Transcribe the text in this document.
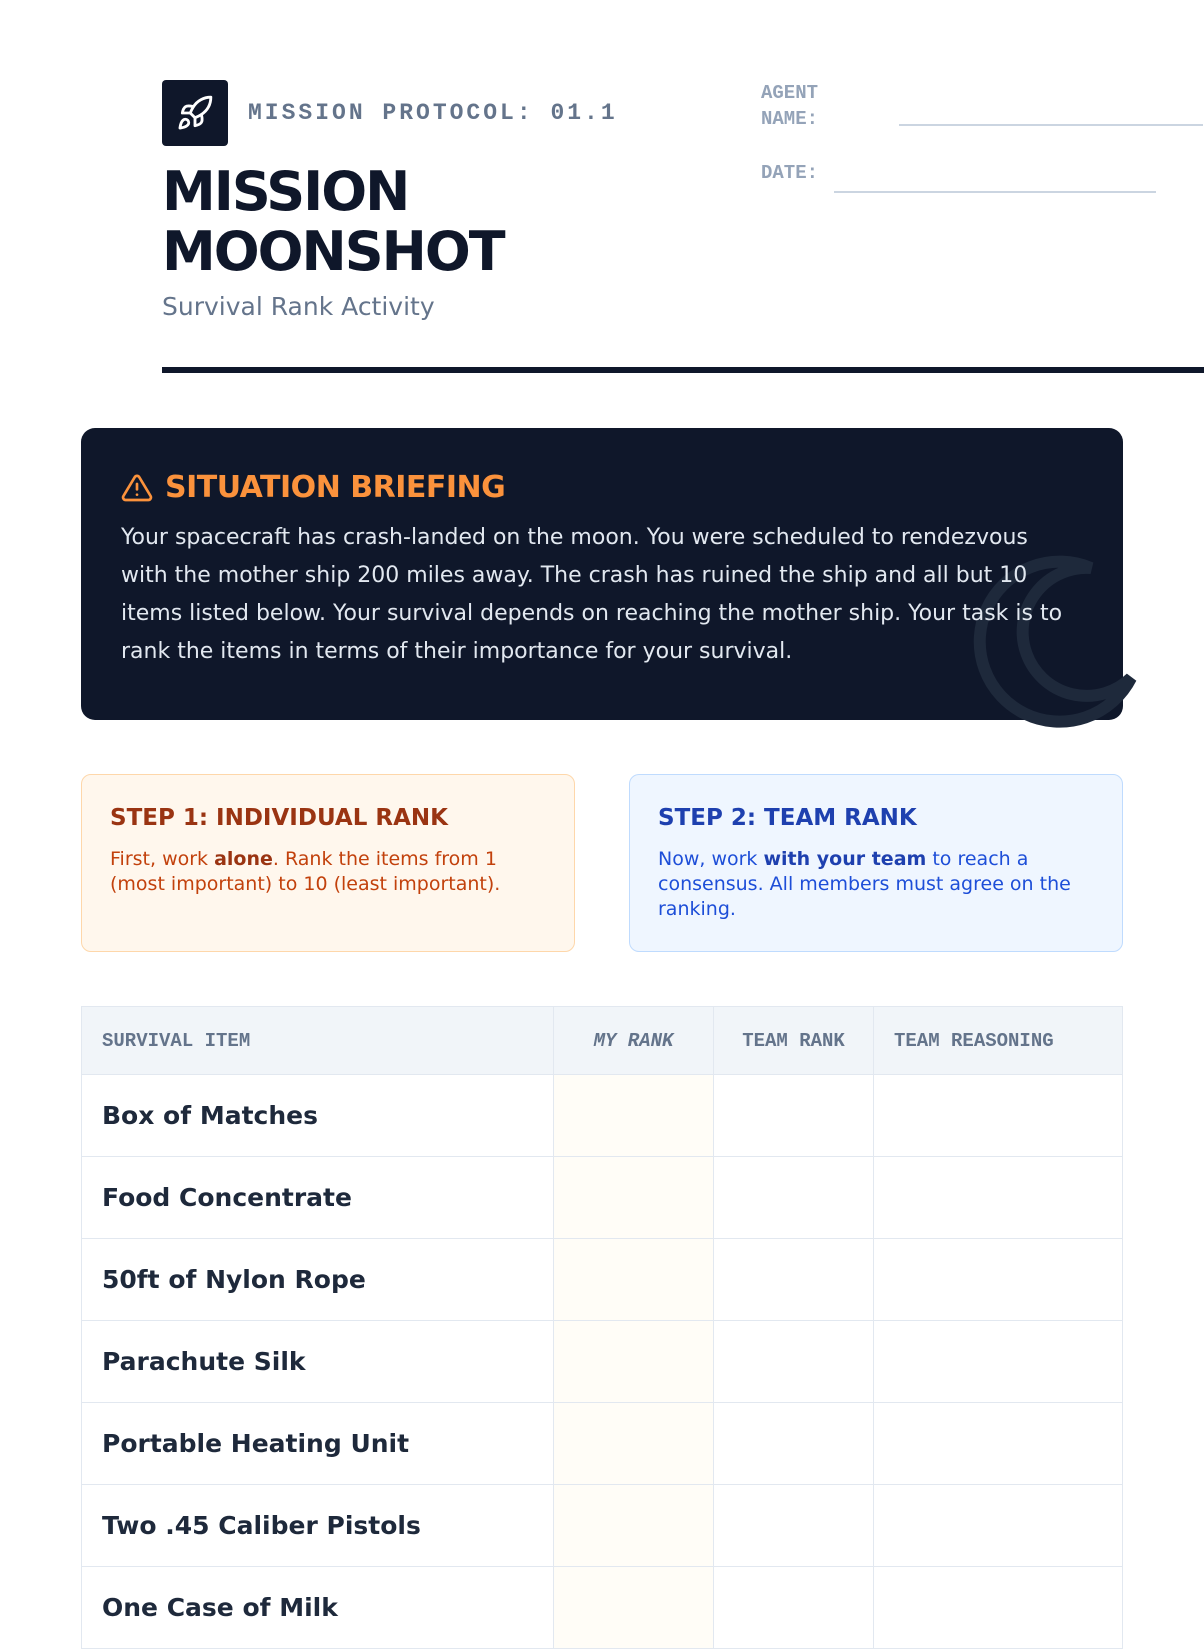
MISSION PROTOCOL: 01.1
MISSION
MOONSHOT
Survival Rank Activity
AGENT NAME:
DATE:
SITUATION BRIEFING
Your spacecraft has crash-landed on the moon. You were scheduled to rendezvous with the mother ship 200 miles away. The crash has ruined the ship and all but 10 items listed below. Your survival depends on reaching the mother ship. Your task is to rank the items in terms of their importance for your survival.
STEP 1: INDIVIDUAL RANK
First, work alone. Rank the items from 1 (most important) to 10 (least important).
STEP 2: TEAM RANK
Now, work with your team to reach a consensus. All members must agree on the ranking.
SURVIVAL ITEM	MY RANK	TEAM RANK	TEAM REASONING
Box of Matches			
Food Concentrate			
50ft of Nylon Rope			
Parachute Silk			
Portable Heating Unit			
Two .45 Caliber Pistols			
One Case of Milk			
